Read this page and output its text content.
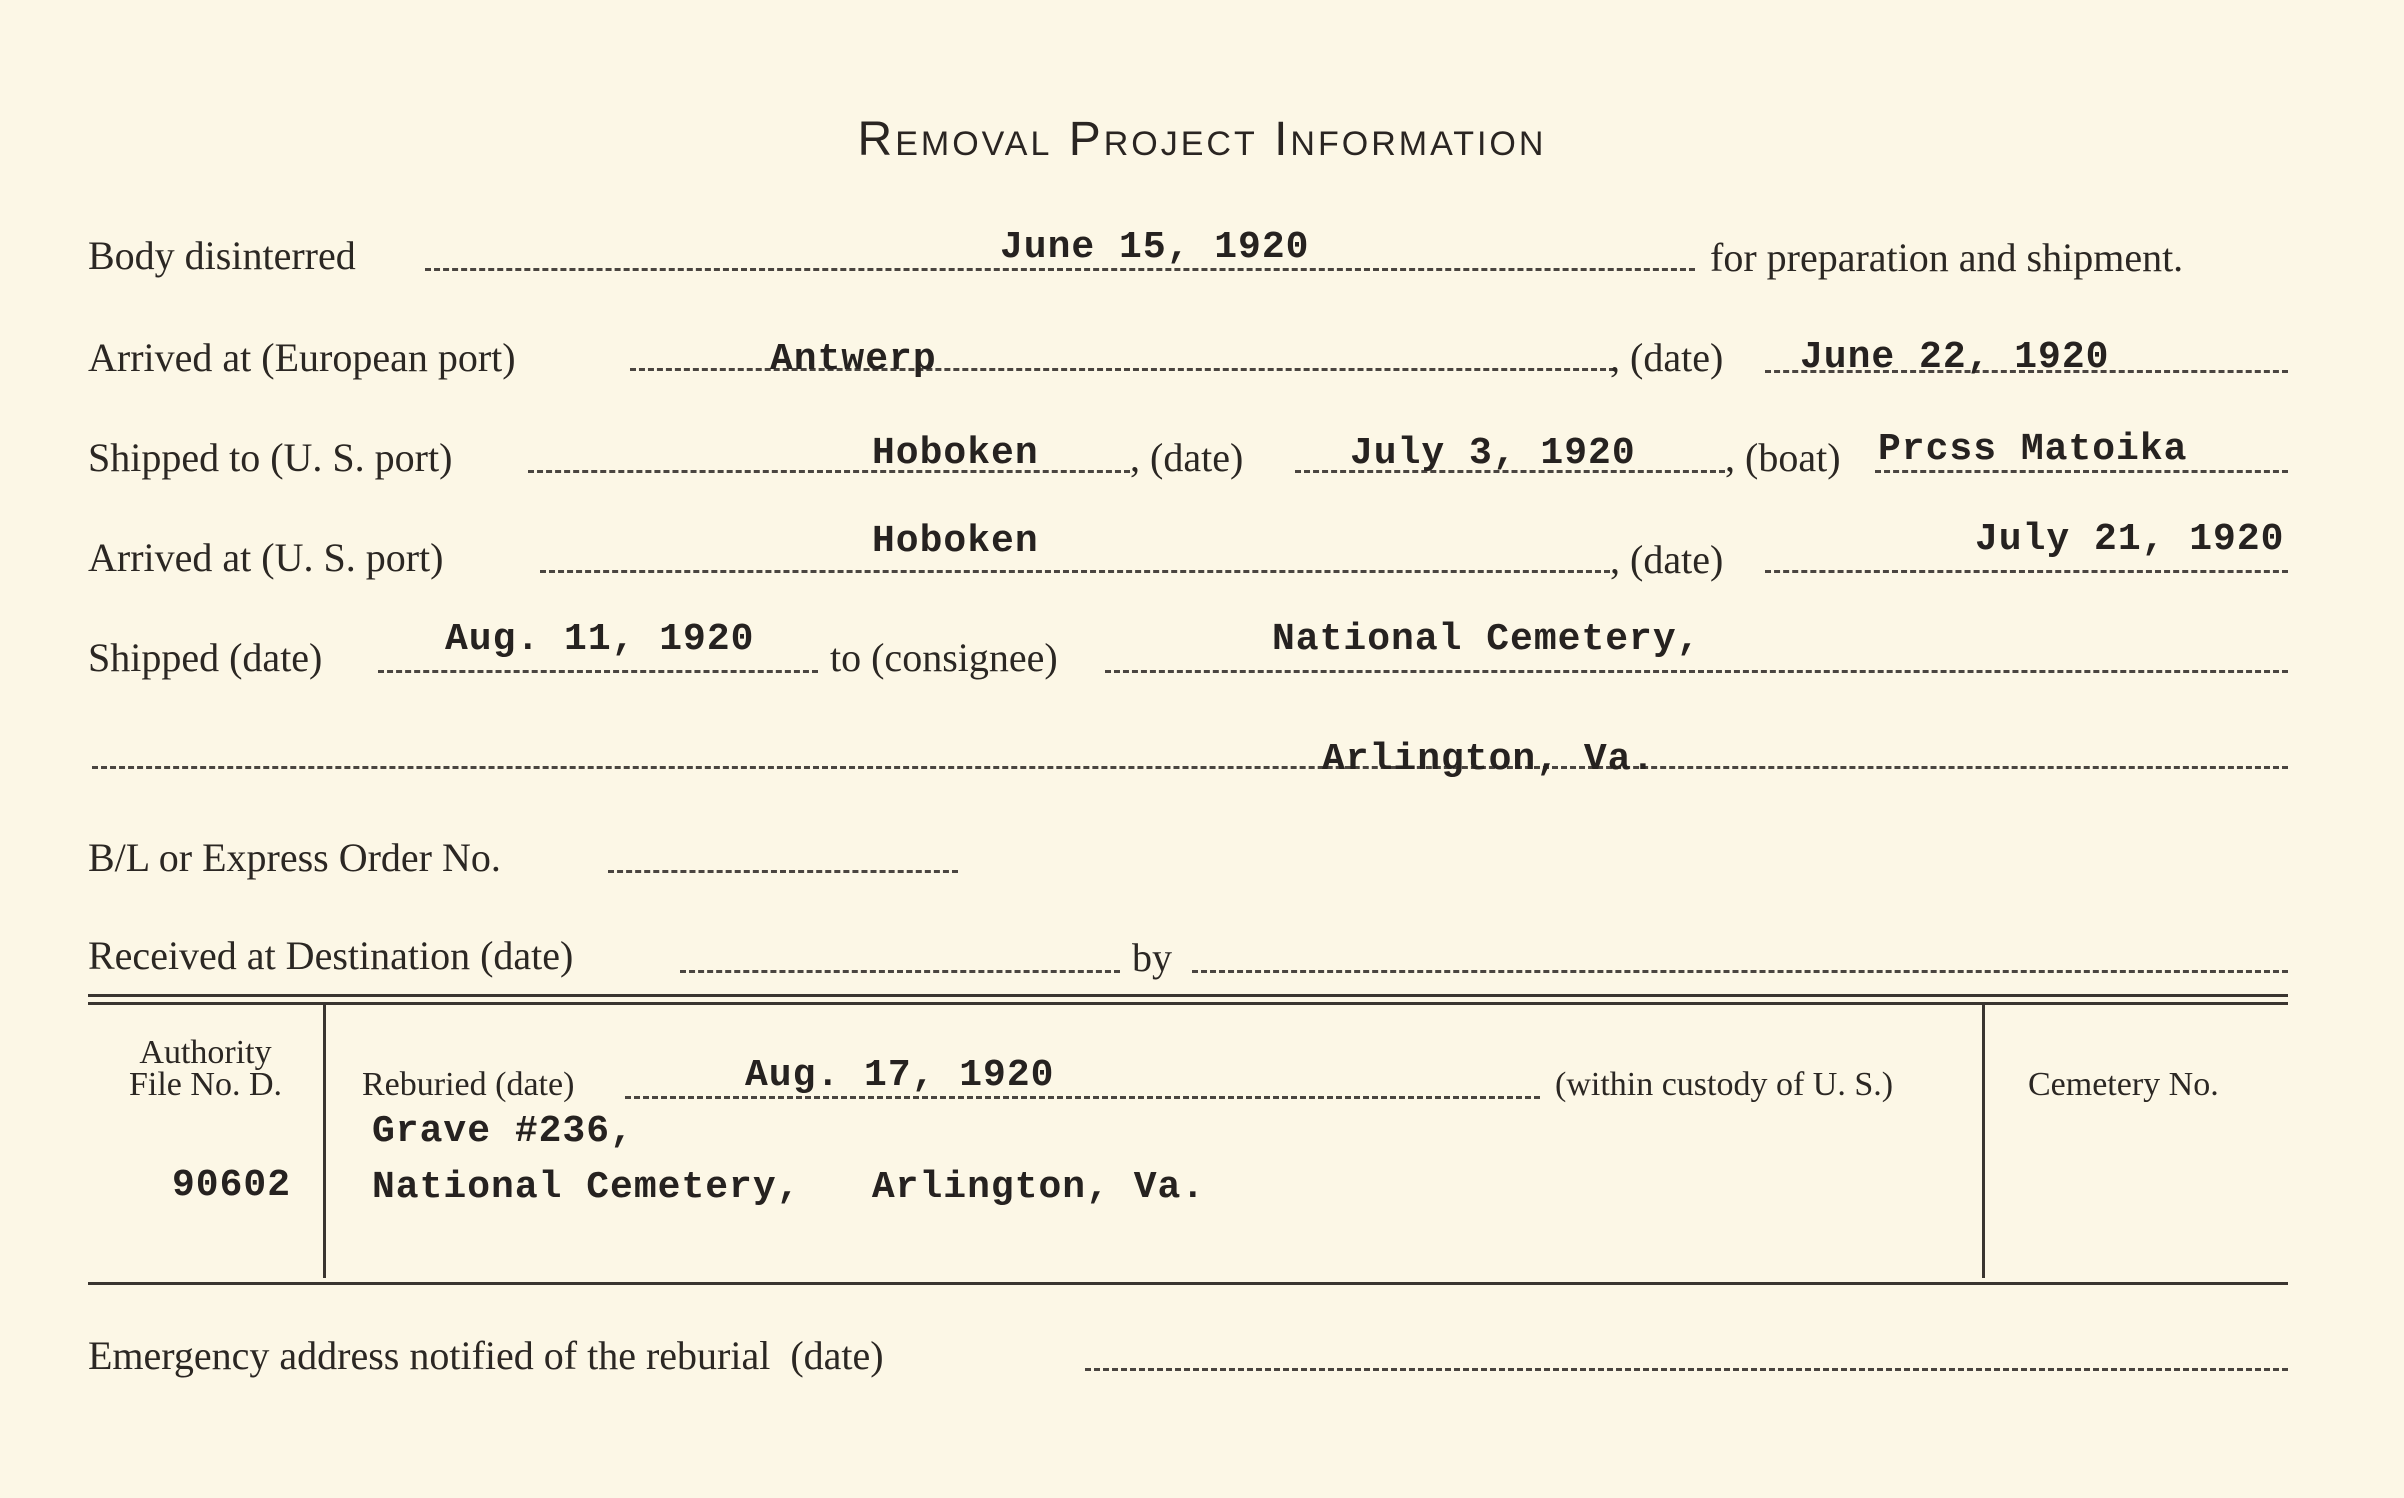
Removal Project Information
Body disinterred	June 15, 1920	for preparation and shipment.
Arrived at (European port)	Antwerp	, (date) June 22, 1920
Shipped to (U. S. port)	Hoboken , (date)	July 3, 1920 , (boat) Prcss Matoika
Arrived at (U. S. port)	Hoboken	, (date)	July 21, 1920
Shipped (date)	Aug. 11, 1920 to (consignee)	National Cemetery,
Arlington, Va.
B/L or Express Order No.
Received at Destination (date)	by
Authority
File No. D.
90602
Reburied (date)	Aug. 17, 1920	(within custody of U. S.)
Grave #236,
National Cemetery,   Arlington, Va.
Cemetery No.
Emergency address notified of the reburial  (date)
